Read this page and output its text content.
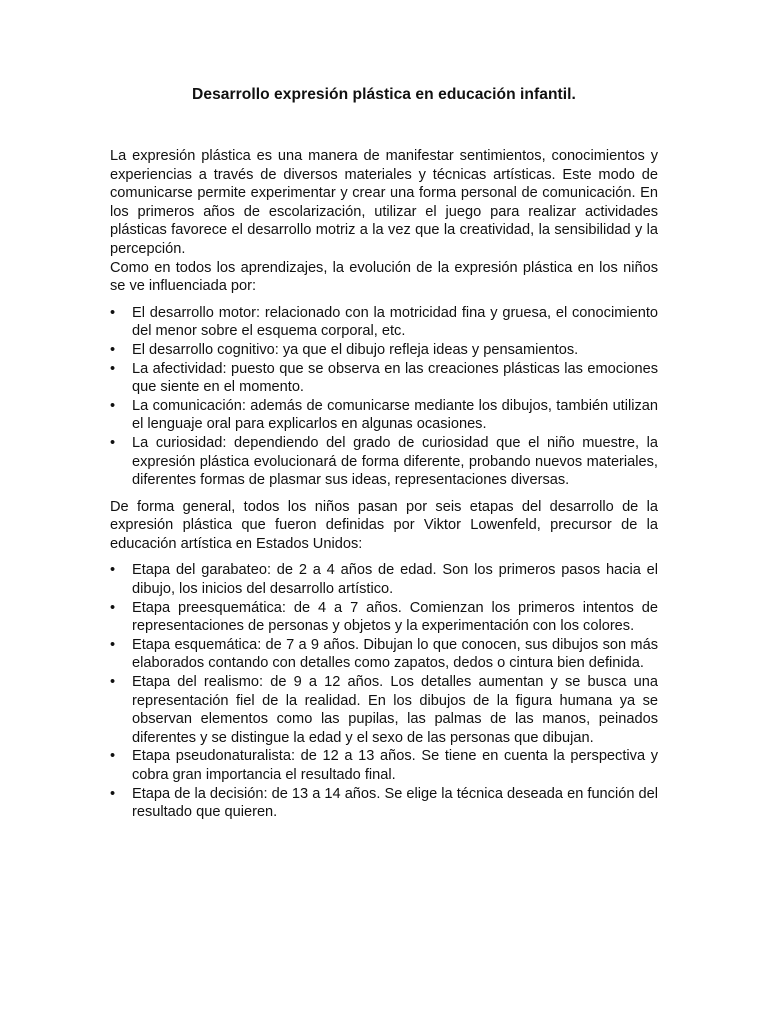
Desarrollo expresión plástica en educación infantil.

La expresión plástica es una manera de manifestar sentimientos, conocimientos y experiencias a través de diversos materiales y técnicas artísticas. Este modo de comunicarse permite experimentar y crear una forma personal de comunicación. En los primeros años de escolarización, utilizar el juego para realizar actividades plásticas favorece el desarrollo motriz a la vez que la creatividad, la sensibilidad y la percepción.

Como en todos los aprendizajes, la evolución de la expresión plástica en los niños se ve influenciada por:

•	El desarrollo motor: relacionado con la motricidad fina y gruesa, el conocimiento del menor sobre el esquema corporal, etc.
•	El desarrollo cognitivo: ya que el dibujo refleja ideas y pensamientos.
•	La afectividad: puesto que se observa en las creaciones plásticas las emociones que siente en el momento.
•	La comunicación: además de comunicarse mediante los dibujos, también utilizan el lenguaje oral para explicarlos en algunas ocasiones.
•	La curiosidad: dependiendo del grado de curiosidad que el niño muestre, la expresión plástica evolucionará de forma diferente, probando nuevos materiales, diferentes formas de plasmar sus ideas, representaciones diversas.

De forma general, todos los niños pasan por seis etapas del desarrollo de la expresión plástica que fueron definidas por Viktor Lowenfeld, precursor de la educación artística en Estados Unidos:

•	Etapa del garabateo: de 2 a 4 años de edad. Son los primeros pasos hacia el dibujo, los inicios del desarrollo artístico.
•	Etapa preesquemática: de 4 a 7 años. Comienzan los primeros intentos de representaciones de personas y objetos y la experimentación con los colores.
•	Etapa esquemática: de 7 a 9 años. Dibujan lo que conocen, sus dibujos son más elaborados contando con detalles como zapatos, dedos o cintura bien definida.
•	Etapa del realismo: de 9 a 12 años. Los detalles aumentan y se busca una representación fiel de la realidad. En los dibujos de la figura humana ya se observan elementos como las pupilas, las palmas de las manos, peinados diferentes y se distingue la edad y el sexo de las personas que dibujan.
•	Etapa pseudonaturalista: de 12 a 13 años. Se tiene en cuenta la perspectiva y cobra gran importancia el resultado final.
•	Etapa de la decisión: de 13 a 14 años. Se elige la técnica deseada en función del resultado que quieren.
